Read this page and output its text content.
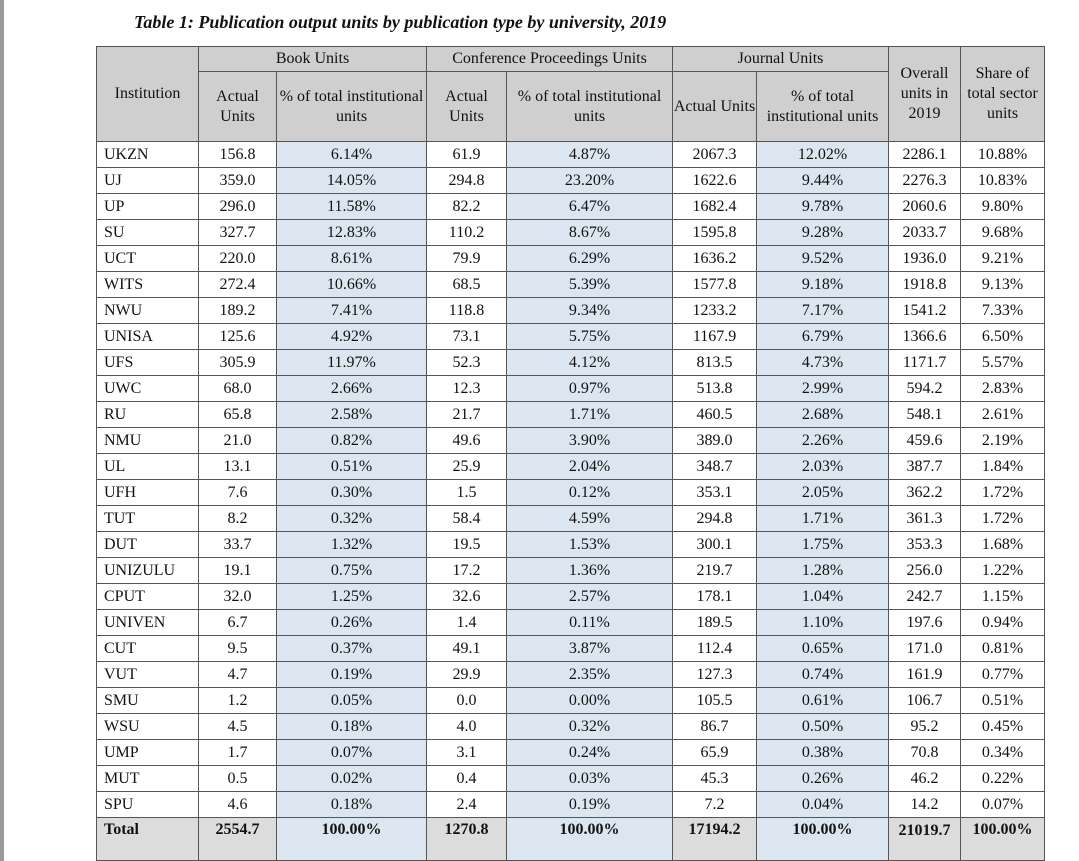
Table 1: Publication output units by publication type by university, 2019
Institution	Book Units		Conference Proceedings Units		Journal Units		Overall units in 2019	Share of total sector units
	Actual Units	% of total institutional units	Actual Units	% of total institutional units	Actual Units	% of total institutional units		
UKZN	156.8	6.14%	61.9	4.87%	2067.3	12.02%	2286.1	10.88%
UJ	359.0	14.05%	294.8	23.20%	1622.6	9.44%	2276.3	10.83%
UP	296.0	11.58%	82.2	6.47%	1682.4	9.78%	2060.6	9.80%
SU	327.7	12.83%	110.2	8.67%	1595.8	9.28%	2033.7	9.68%
UCT	220.0	8.61%	79.9	6.29%	1636.2	9.52%	1936.0	9.21%
WITS	272.4	10.66%	68.5	5.39%	1577.8	9.18%	1918.8	9.13%
NWU	189.2	7.41%	118.8	9.34%	1233.2	7.17%	1541.2	7.33%
UNISA	125.6	4.92%	73.1	5.75%	1167.9	6.79%	1366.6	6.50%
UFS	305.9	11.97%	52.3	4.12%	813.5	4.73%	1171.7	5.57%
UWC	68.0	2.66%	12.3	0.97%	513.8	2.99%	594.2	2.83%
RU	65.8	2.58%	21.7	1.71%	460.5	2.68%	548.1	2.61%
NMU	21.0	0.82%	49.6	3.90%	389.0	2.26%	459.6	2.19%
UL	13.1	0.51%	25.9	2.04%	348.7	2.03%	387.7	1.84%
UFH	7.6	0.30%	1.5	0.12%	353.1	2.05%	362.2	1.72%
TUT	8.2	0.32%	58.4	4.59%	294.8	1.71%	361.3	1.72%
DUT	33.7	1.32%	19.5	1.53%	300.1	1.75%	353.3	1.68%
UNIZULU	19.1	0.75%	17.2	1.36%	219.7	1.28%	256.0	1.22%
CPUT	32.0	1.25%	32.6	2.57%	178.1	1.04%	242.7	1.15%
UNIVEN	6.7	0.26%	1.4	0.11%	189.5	1.10%	197.6	0.94%
CUT	9.5	0.37%	49.1	3.87%	112.4	0.65%	171.0	0.81%
VUT	4.7	0.19%	29.9	2.35%	127.3	0.74%	161.9	0.77%
SMU	1.2	0.05%	0.0	0.00%	105.5	0.61%	106.7	0.51%
WSU	4.5	0.18%	4.0	0.32%	86.7	0.50%	95.2	0.45%
UMP	1.7	0.07%	3.1	0.24%	65.9	0.38%	70.8	0.34%
MUT	0.5	0.02%	0.4	0.03%	45.3	0.26%	46.2	0.22%
SPU	4.6	0.18%	2.4	0.19%	7.2	0.04%	14.2	0.07%
Total	2554.7	100.00%	1270.8	100.00%	17194.2	100.00%	21019.7	100.00%
